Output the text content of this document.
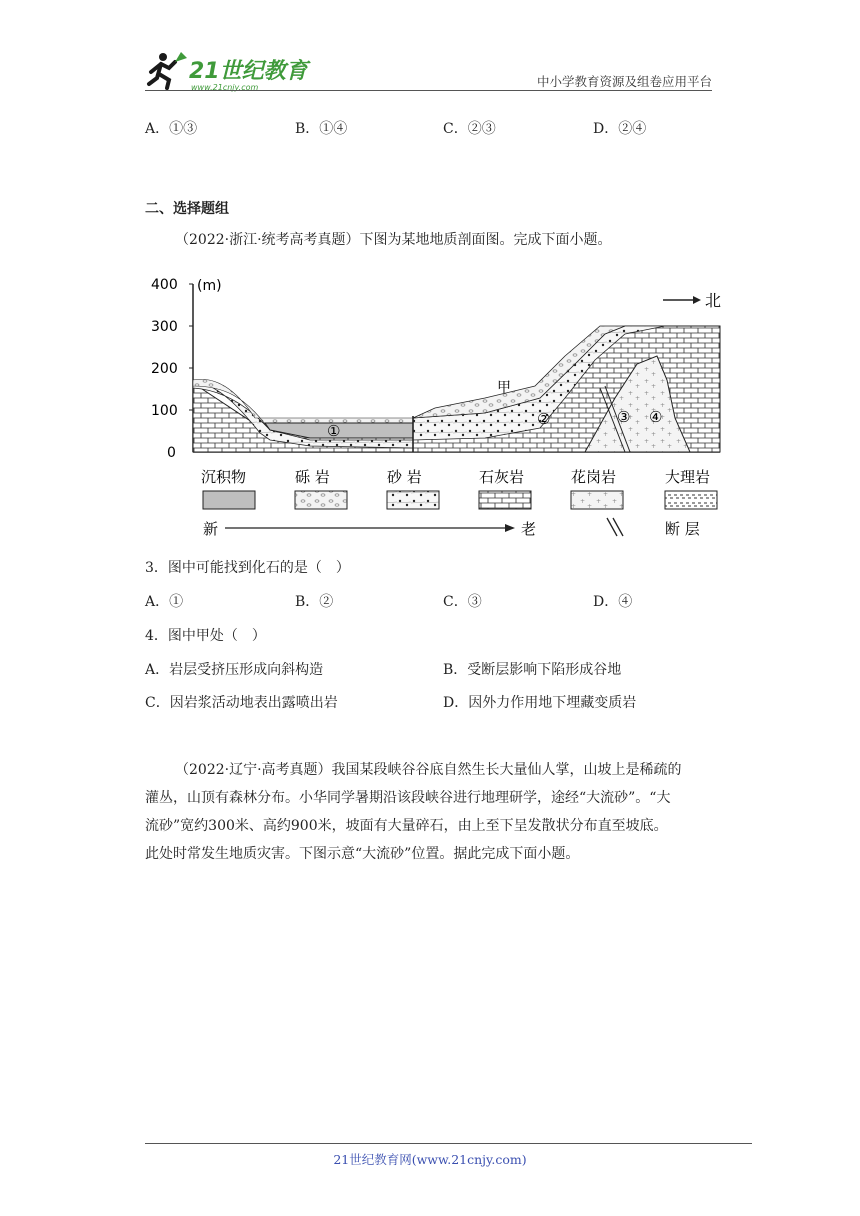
21世纪教育
www.21cnjy.com	中小学教育资源及组卷应用平台
A．①③	B．①④	C．②③	D．②④
二、选择题组
（2022·浙江·统考高考真题）下图为某地地质剖面图。完成下面小题。
400
300
200
100
0
(m)
北
①
②	③ ④
甲
沉积物	砾 岩	砂 岩	石灰岩	花岗岩	大理岩
新	老	断 层
3．图中可能找到化石的是（　）
A．①	B．②	C．③	D．④
4．图中甲处（　）
A．岩层受挤压形成向斜构造	B．受断层影响下陷形成谷地
C．因岩浆活动地表出露喷出岩	D．因外力作用地下埋藏变质岩
（2022·辽宁·高考真题）我国某段峡谷谷底自然生长大量仙人掌，山坡上是稀疏的
灌丛，山顶有森林分布。小华同学暑期沿该段峡谷进行地理研学，途经“大流砂”。“大
流砂”宽约300米、高约900米，坡面有大量碎石，由上至下呈发散状分布直至坡底。
此处时常发生地质灾害。下图示意“大流砂”位置。据此完成下面小题。
21世纪教育网(www.21cnjy.com)
